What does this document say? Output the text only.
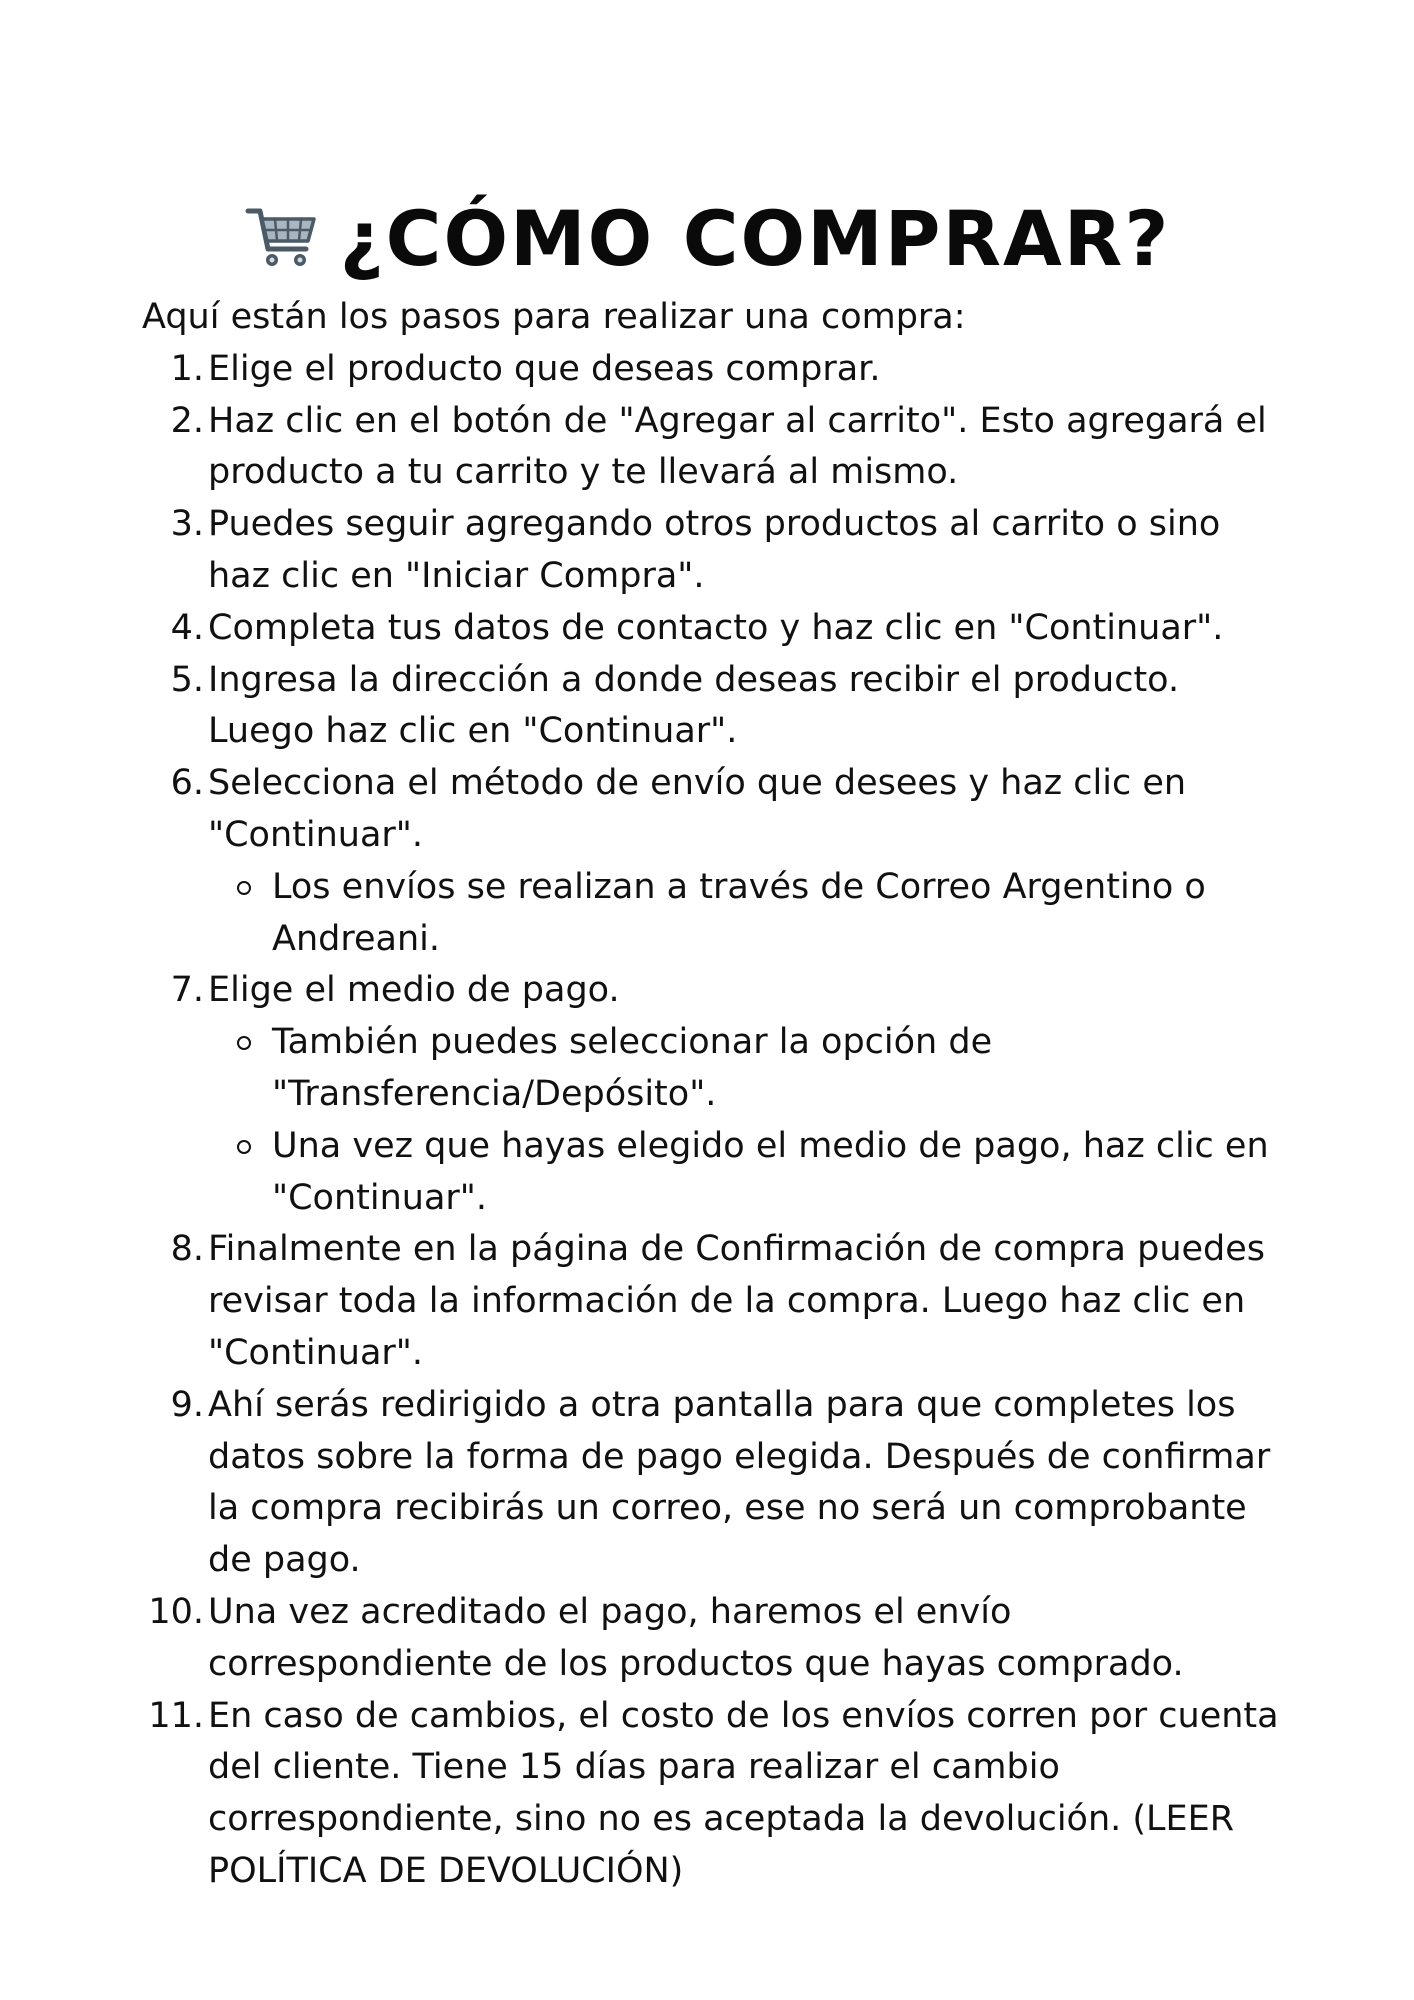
¿CÓMO COMPRAR?

Aquí están los pasos para realizar una compra:

1. Elige el producto que deseas comprar.
2. Haz clic en el botón de "Agregar al carrito". Esto agregará el producto a tu carrito y te llevará al mismo.
3. Puedes seguir agregando otros productos al carrito o sino haz clic en "Iniciar Compra".
4. Completa tus datos de contacto y haz clic en "Continuar".
5. Ingresa la dirección a donde deseas recibir el producto. Luego haz clic en "Continuar".
6. Selecciona el método de envío que desees y haz clic en "Continuar".
Los envíos se realizan a través de Correo Argentino o Andreani.
7. Elige el medio de pago.
También puedes seleccionar la opción de "Transferencia/Depósito".
Una vez que hayas elegido el medio de pago, haz clic en "Continuar".
8. Finalmente en la página de Confirmación de compra puedes revisar toda la información de la compra. Luego haz clic en "Continuar".
9. Ahí serás redirigido a otra pantalla para que completes los datos sobre la forma de pago elegida. Después de confirmar la compra recibirás un correo, ese no será un comprobante de pago.
10. Una vez acreditado el pago, haremos el envío correspondiente de los productos que hayas comprado.
11. En caso de cambios, el costo de los envíos corren por cuenta del cliente. Tiene 15 días para realizar el cambio correspondiente, sino no es aceptada la devolución. (LEER POLÍTICA DE DEVOLUCIÓN)
